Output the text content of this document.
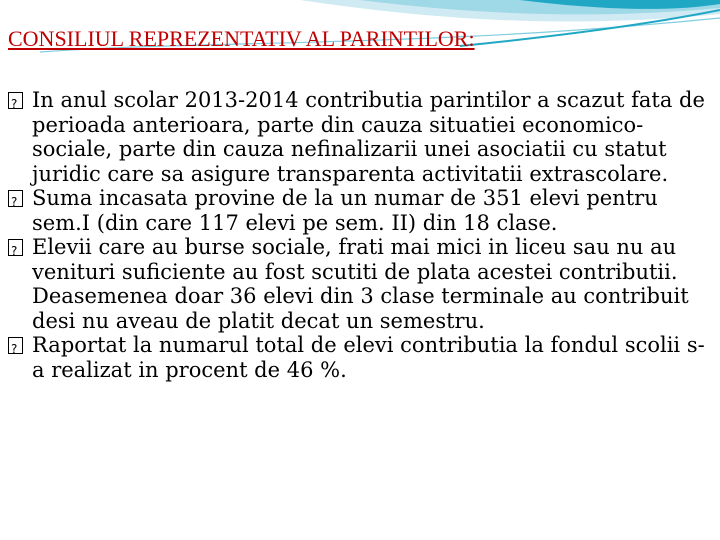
CONSILIUL REPREZENTATIV AL PARINTILOR:
?
In anul scolar 2013-2014 contributia parintilor a scazut fata de perioada anterioara, parte din cauza situatiei economico-sociale, parte din cauza nefinalizarii unei asociatii cu statut juridic care sa asigure transparenta activitatii extrascolare.
?
Suma incasata provine de la un numar de 351 elevi pentru sem.I (din care 117 elevi pe sem. II) din 18 clase.
?
Elevii care au burse sociale, frati mai mici in liceu sau nu au venituri suficiente au fost scutiti de plata acestei contributii. Deasemenea doar 36 elevi din 3 clase terminale au contribuit desi nu aveau de platit decat un semestru.
?
Raportat la numarul total de elevi contributia la fondul scolii s-a realizat in procent de 46 %.
